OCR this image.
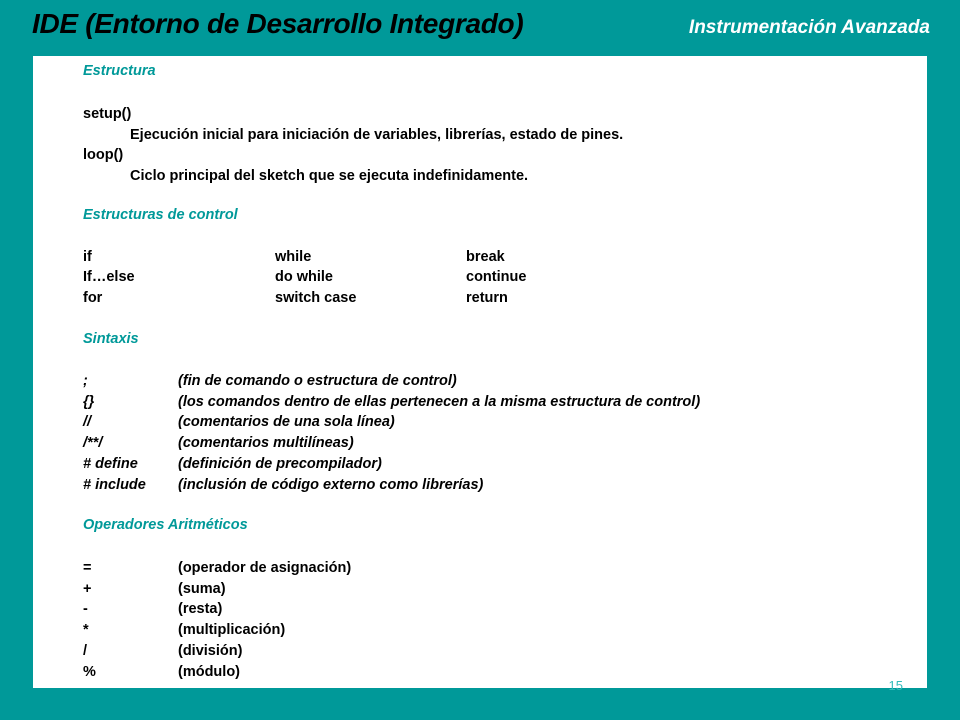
IDE (Entorno de Desarrollo Integrado)	Instrumentación Avanzada
Estructura
setup()
Ejecución inicial para iniciación de variables, librerías, estado de pines.
loop()
Ciclo principal del sketch que se ejecuta indefinidamente.
Estructuras de control
if	while	break
If…else	do while	continue
for	switch case	return
Sintaxis
;	(fin de comando o estructura de control)
{}	(los comandos dentro de ellas pertenecen a la misma estructura de control)
//	(comentarios de una sola línea)
/**/	(comentarios multilíneas)
# define	(definición de precompilador)
# include (inclusión de código externo como librerías)
Operadores Aritméticos
=	(operador de asignación)
+	(suma)
-	(resta)
*	(multiplicación)
/	(división)
%	(módulo)
15
